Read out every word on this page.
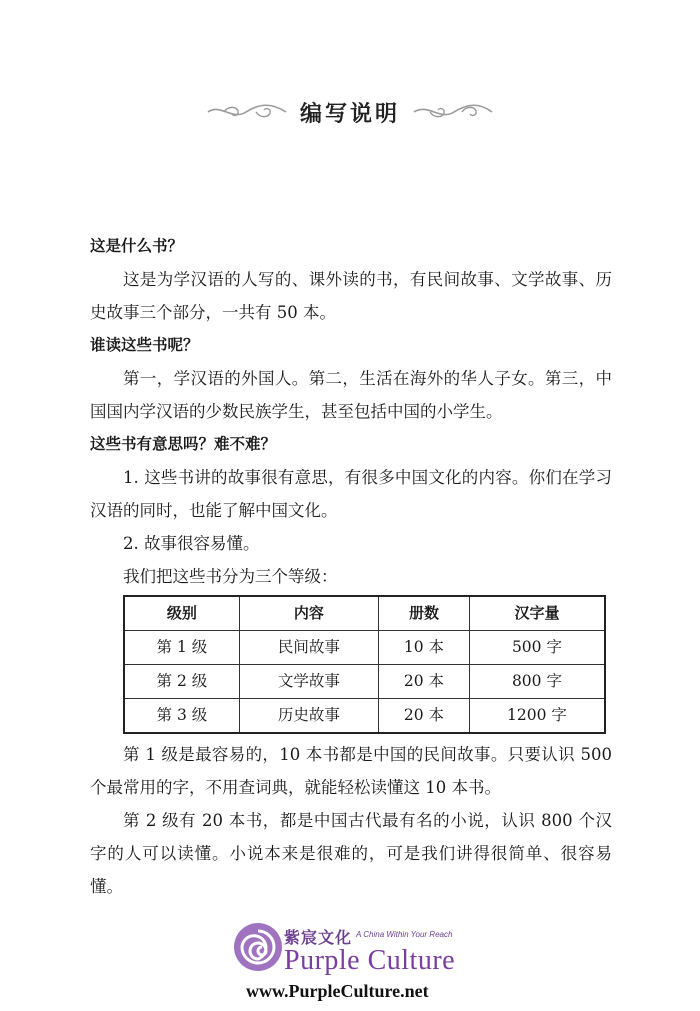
编写说明

这是什么书？

这是为学汉语的人写的、课外读的书，有民间故事、文学故事、历史故事三个部分，一共有 50 本。

谁读这些书呢？

第一，学汉语的外国人。第二，生活在海外的华人子女。第三，中国国内学汉语的少数民族学生，甚至包括中国的小学生。

这些书有意思吗？难不难？

1. 这些书讲的故事很有意思，有很多中国文化的内容。你们在学习汉语的同时，也能了解中国文化。

2. 故事很容易懂。

我们把这些书分为三个等级：

级别	内容	册数	汉字量
第 1 级	民间故事	10 本	500 字
第 2 级	文学故事	20 本	800 字
第 3 级	历史故事	20 本	1200 字

第 1 级是最容易的，10 本书都是中国的民间故事。只要认识 500 个最常用的字，不用查词典，就能轻松读懂这 10 本书。

第 2 级有 20 本书，都是中国古代最有名的小说，认识 800 个汉字的人可以读懂。小说本来是很难的，可是我们讲得很简单、很容易懂。

紫宸文化 A China Within Your Reach
Purple Culture
www.PurpleCulture.net
